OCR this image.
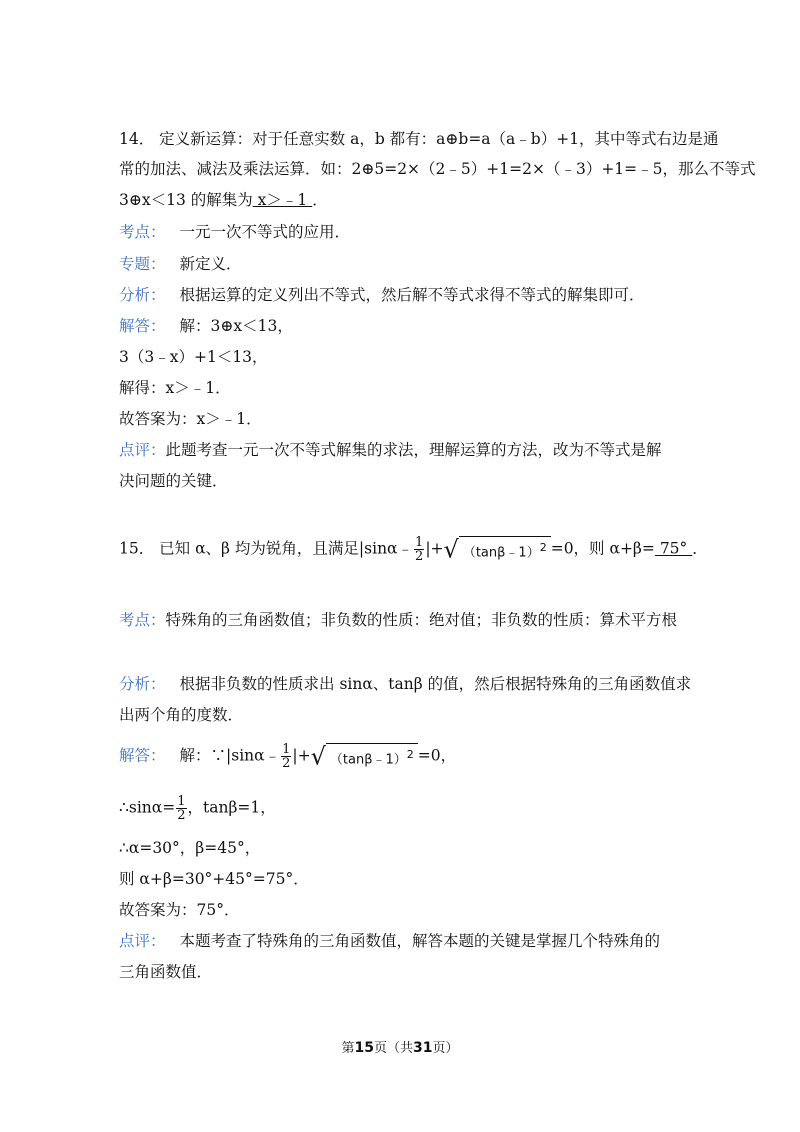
14． 定义新运算：对于任意实数 a，b 都有：a⊕b=a（a﹣b）+1，其中等式右边是通
常的加法、减法及乘法运算．如：2⊕5=2×（2﹣5）+1=2×（﹣3）+1=﹣5，那么不等式
3⊕x＜13 的解集为 x＞﹣1 ．
考点： 一元一次不等式的应用．
专题： 新定义．
分析： 根据运算的定义列出不等式，然后解不等式求得不等式的解集即可．
解答： 解：3⊕x＜13，
3（3﹣x）+1＜13，
解得：x＞﹣1．
故答案为：x＞﹣1．
点评：此题考查一元一次不等式解集的求法，理解运算的方法，改为不等式是解
决问题的关键．
15． 已知 α、β 均为锐角，且满足|sinα﹣ $\frac{1}{2}$ |+√ （tanβ﹣1）$^2$ =0，则 α+β= 75° ．
考点：特殊角的三角函数值；非负数的性质：绝对值；非负数的性质：算术平方根
分析： 根据非负数的性质求出 sinα、tanβ 的值，然后根据特殊角的三角函数值求
出两个角的度数．
解答： 解：∵|sinα﹣ $\frac{1}{2}$ |+√ （tanβ﹣1）$^2$ =0，
∴sinα= $\frac{1}{2}$ ，tanβ=1，
∴α=30°，β=45°，
则 α+β=30°+45°=75°．
故答案为：75°．
点评： 本题考查了特殊角的三角函数值，解答本题的关键是掌握几个特殊角的
三角函数值．
第15页（共31页）
